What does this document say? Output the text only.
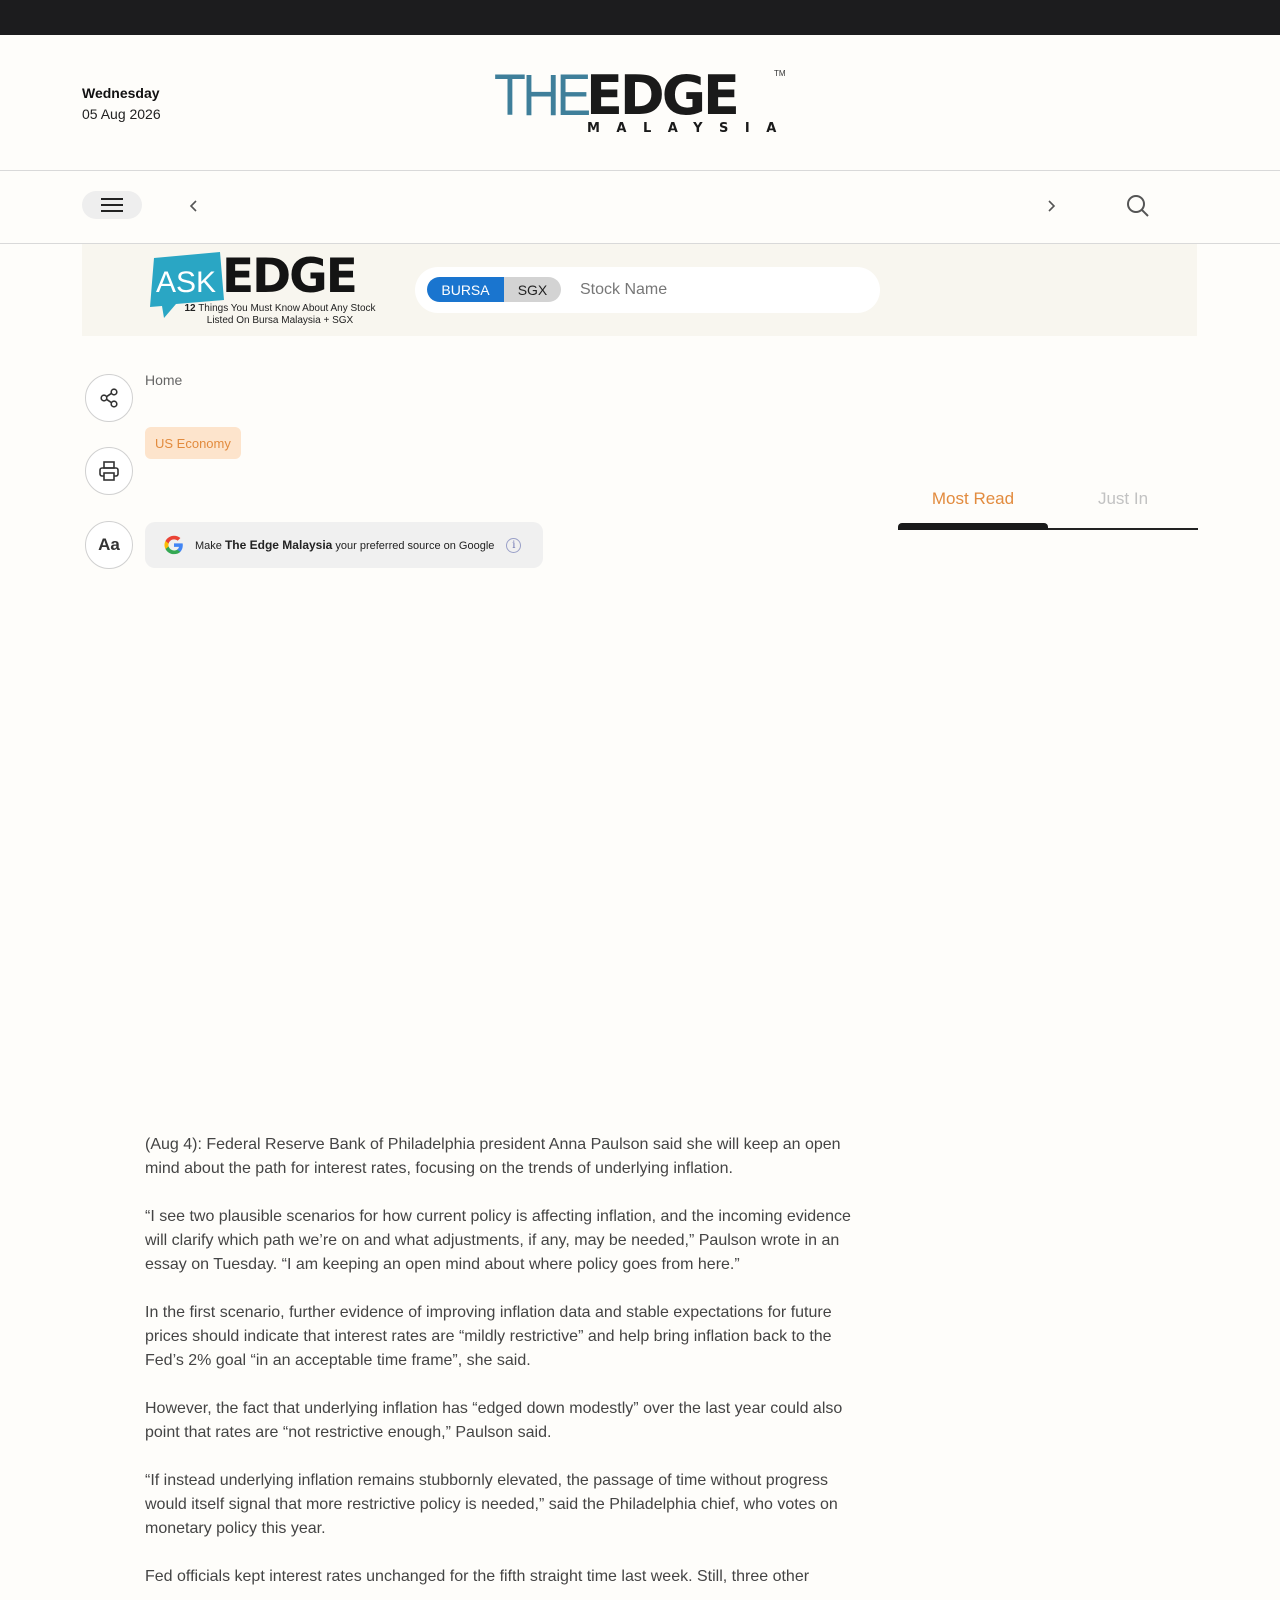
Wednesday
05 Aug 2026	THE
EDGE	TM
MALAYSIA
ASK EDGE
12 Things You Must Know About Any Stock
Listed On Bursa Malaysia + SGX
BURSA	SGX
Stock Name
Aa
Home
US Economy
Make The Edge Malaysia your preferred source on Google	i
Most Read	Just In

(Aug 4): Federal Reserve Bank of Philadelphia president Anna Paulson said she will keep an open mind about the path for interest rates, focusing on the trends of underlying inflation.

“I see two plausible scenarios for how current policy is affecting inflation, and the incoming evidence will clarify which path we’re on and what adjustments, if any, may be needed,” Paulson wrote in an essay on Tuesday. “I am keeping an open mind about where policy goes from here.”

In the first scenario, further evidence of improving inflation data and stable expectations for future prices should indicate that interest rates are “mildly restrictive” and help bring inflation back to the Fed’s 2% goal “in an acceptable time frame”, she said.

However, the fact that underlying inflation has “edged down modestly” over the last year could also point that rates are “not restrictive enough,” Paulson said.

“If instead underlying inflation remains stubbornly elevated, the passage of time without progress would itself signal that more restrictive policy is needed,” said the Philadelphia chief, who votes on monetary policy this year.

Fed officials kept interest rates unchanged for the fifth straight time last week. Still, three other
